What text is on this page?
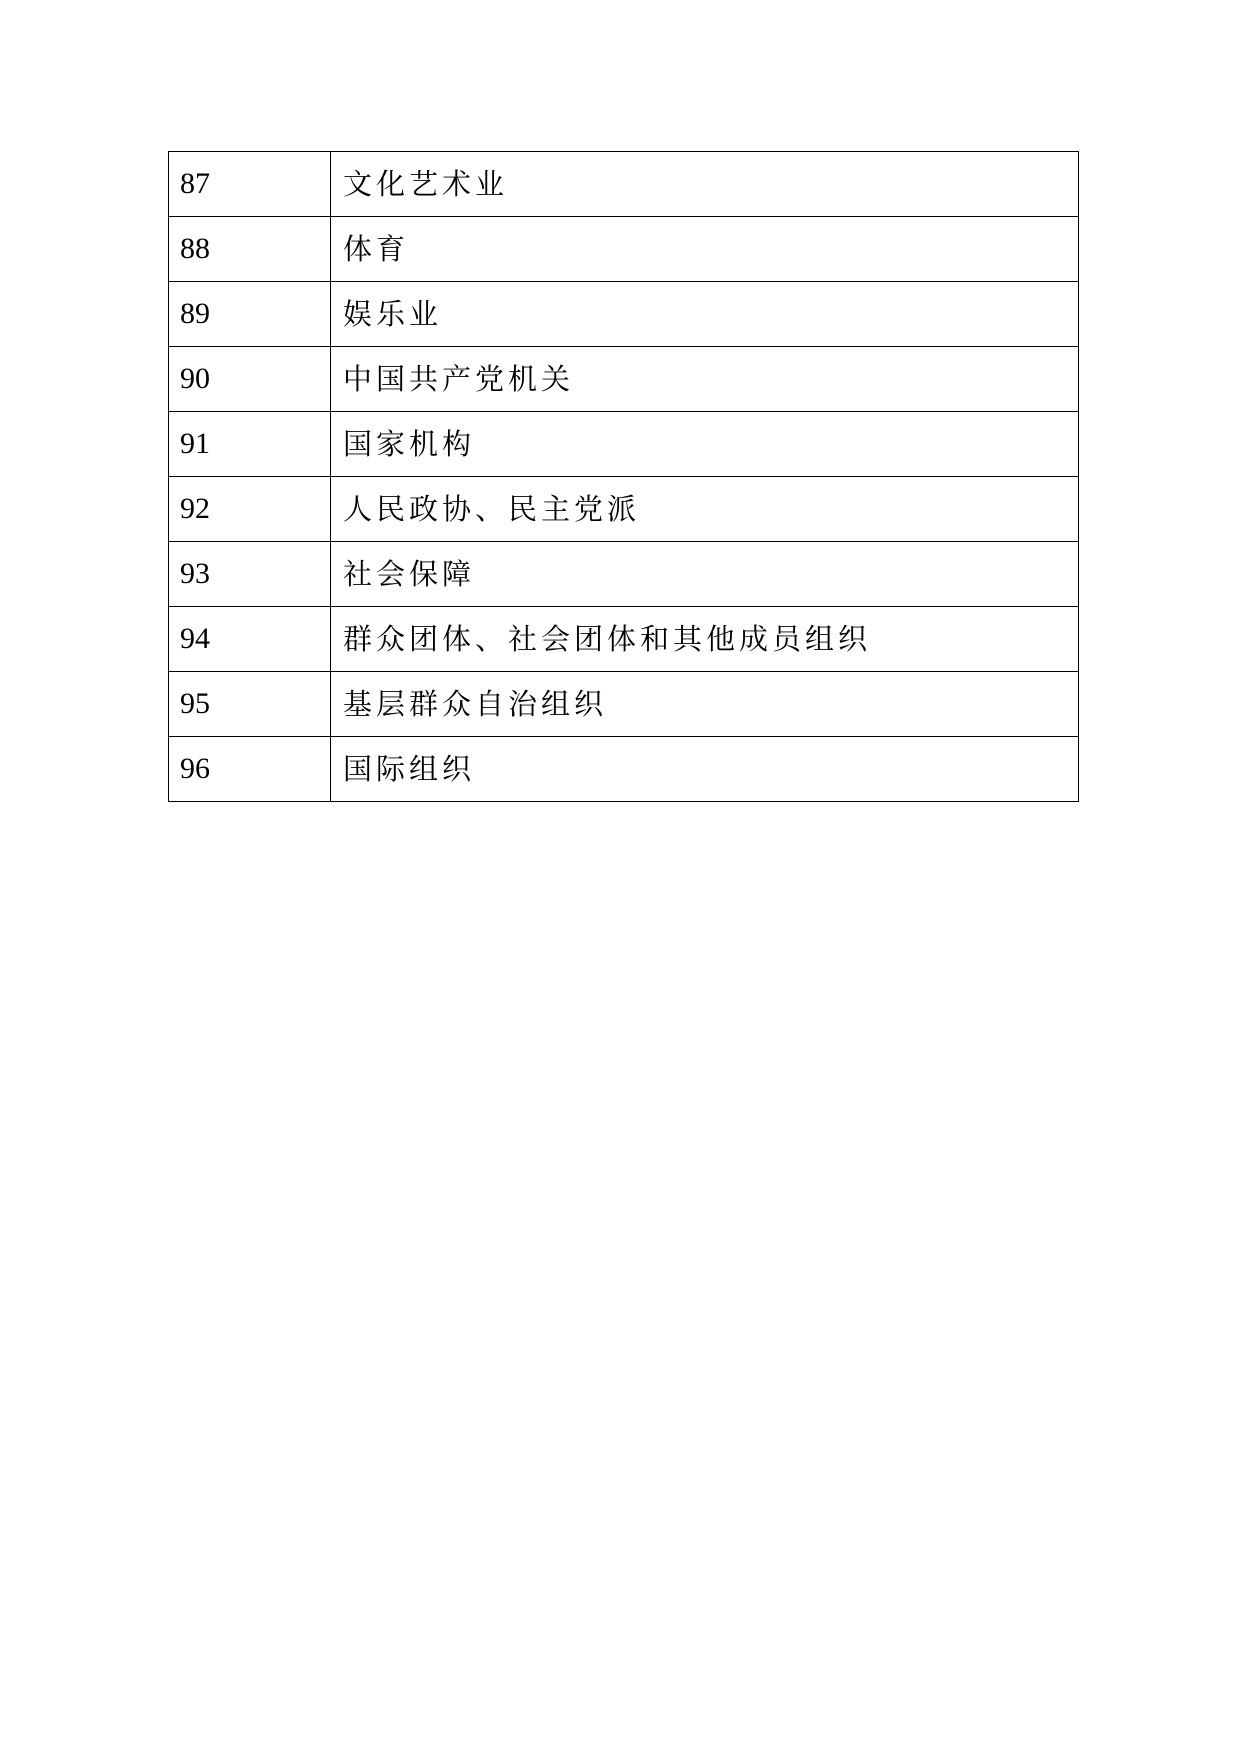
87	文化艺术业
88	体育
89	娱乐业
90	中国共产党机关
91	国家机构
92	人民政协、民主党派
93	社会保障
94	群众团体、社会团体和其他成员组织
95	基层群众自治组织
96	国际组织
